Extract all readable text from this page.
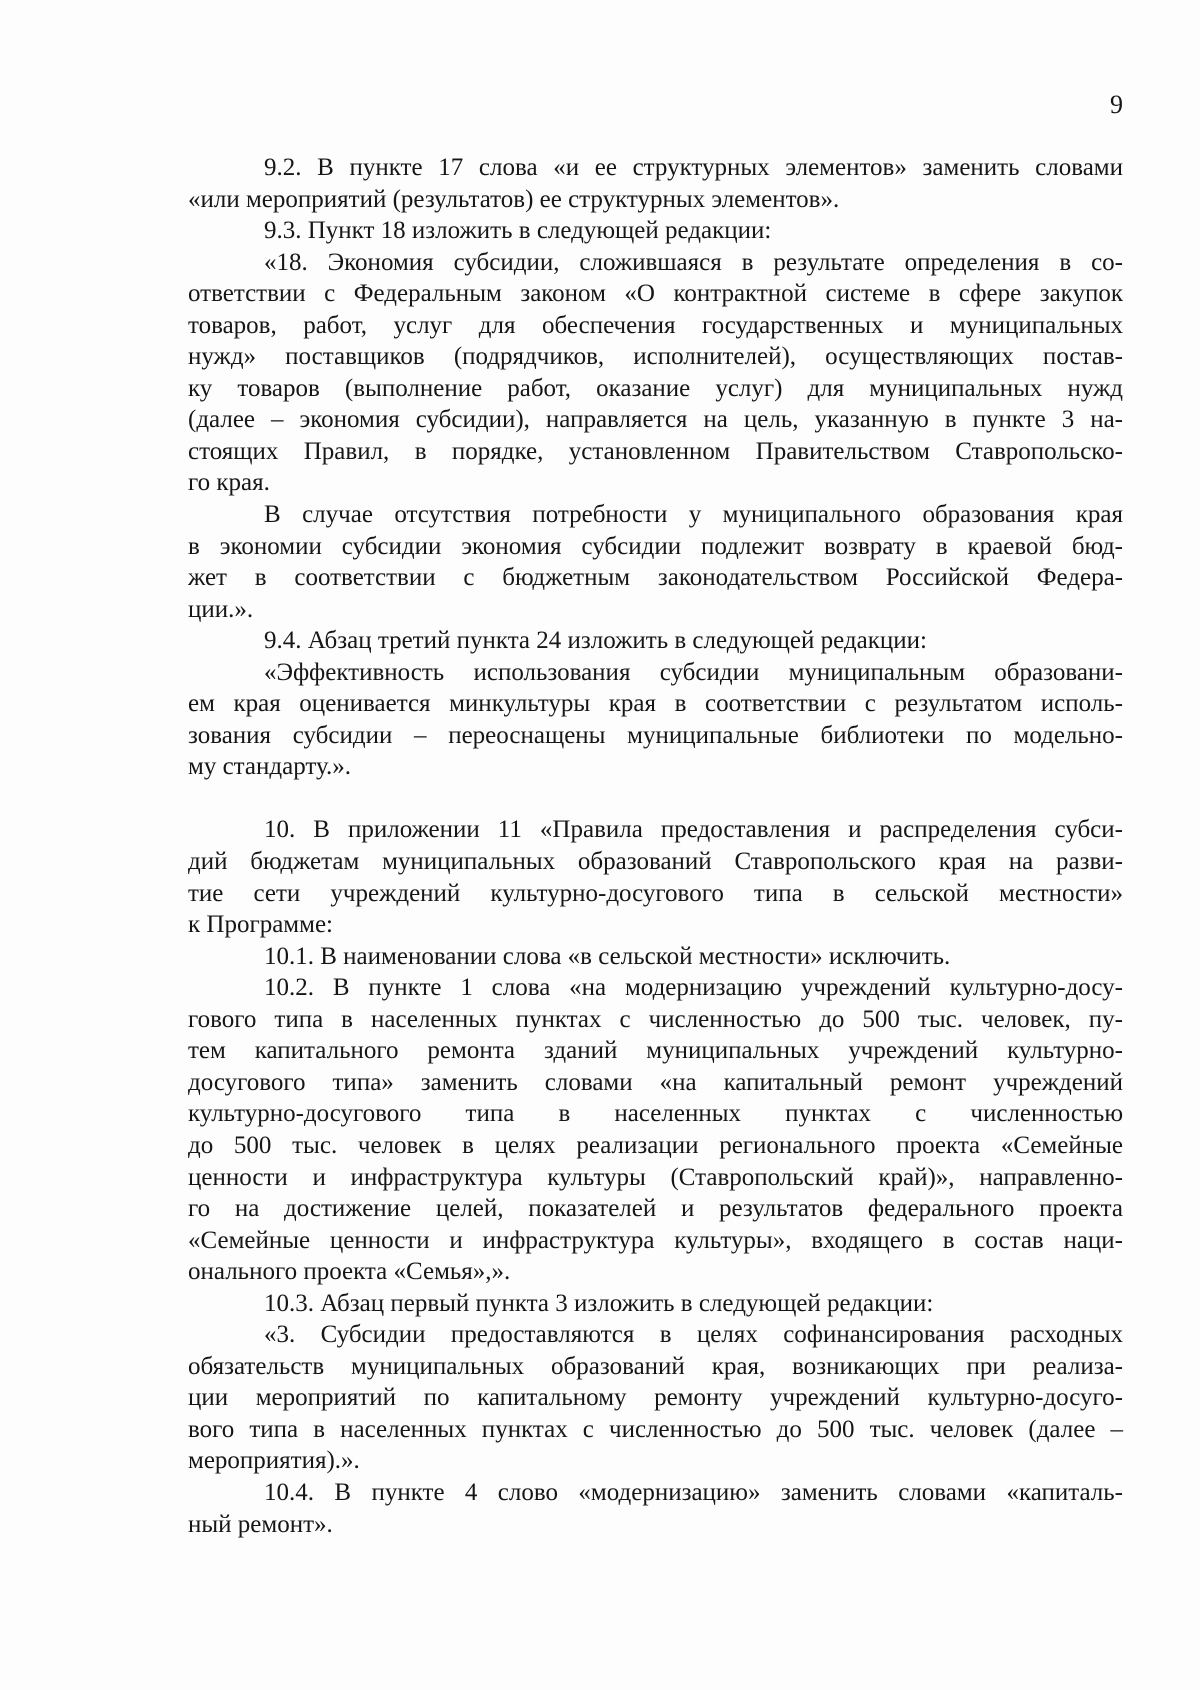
9
9.2. В пункте 17 слова «и ее структурных элементов» заменить словами
«или мероприятий (результатов) ее структурных элементов».
9.3. Пункт 18 изложить в следующей редакции:
«18. Экономия субсидии, сложившаяся в результате определения в со-
ответствии с Федеральным законом «О контрактной системе в сфере закупок
товаров, работ, услуг для обеспечения государственных и муниципальных
нужд» поставщиков (подрядчиков, исполнителей), осуществляющих постав-
ку товаров (выполнение работ, оказание услуг) для муниципальных нужд
(далее – экономия субсидии), направляется на цель, указанную в пункте 3 на-
стоящих Правил, в порядке, установленном Правительством Ставропольско-
го края.
В случае отсутствия потребности у муниципального образования края
в экономии субсидии экономия субсидии подлежит возврату в краевой бюд-
жет в соответствии с бюджетным законодательством Российской Федера-
ции.».
9.4. Абзац третий пункта 24 изложить в следующей редакции:
«Эффективность использования субсидии муниципальным образовани-
ем края оценивается минкультуры края в соответствии с результатом исполь-
зования субсидии – переоснащены муниципальные библиотеки по модельно-
му стандарту.».
10. В приложении 11 «Правила предоставления и распределения субси-
дий бюджетам муниципальных образований Ставропольского края на разви-
тие сети учреждений культурно-досугового типа в сельской местности»
к Программе:
10.1. В наименовании слова «в сельской местности» исключить.
10.2. В пункте 1 слова «на модернизацию учреждений культурно-досу-
гового типа в населенных пунктах с численностью до 500 тыс. человек, пу-
тем капитального ремонта зданий муниципальных учреждений культурно-
досугового типа» заменить словами «на капитальный ремонт учреждений
культурно-досугового типа в населенных пунктах с численностью
до 500 тыс. человек в целях реализации регионального проекта «Семейные
ценности и инфраструктура культуры (Ставропольский край)», направленно-
го на достижение целей, показателей и результатов федерального проекта
«Семейные ценности и инфраструктура культуры», входящего в состав наци-
онального проекта «Семья»,».
10.3. Абзац первый пункта 3 изложить в следующей редакции:
«3. Субсидии предоставляются в целях софинансирования расходных
обязательств муниципальных образований края, возникающих при реализа-
ции мероприятий по капитальному ремонту учреждений культурно-досуго-
вого типа в населенных пунктах с численностью до 500 тыс. человек (далее –
мероприятия).».
10.4. В пункте 4 слово «модернизацию» заменить словами «капиталь-
ный ремонт».
